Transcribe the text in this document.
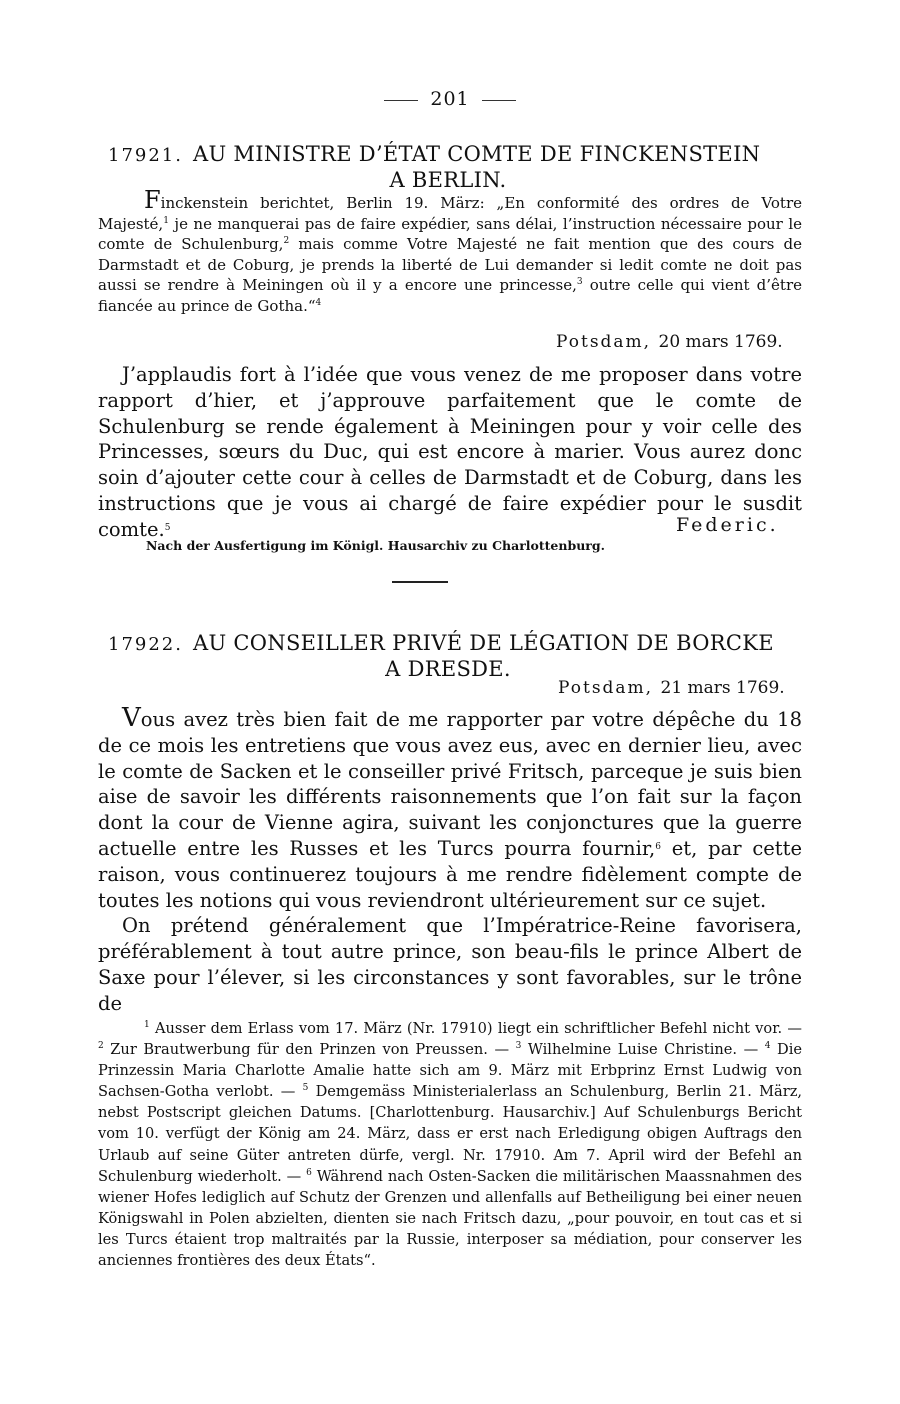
201
17921. AU MINISTRE D’ÉTAT COMTE DE FINCKENSTEIN
A BERLIN.
Finckenstein berichtet, Berlin 19. März: „En conformité des ordres de Votre Majesté,$^1$ je ne manquerai pas de faire expédier, sans délai, l’instruction nécessaire pour le comte de Schulenburg,$^2$ mais comme Votre Majesté ne fait mention que des cours de Darmstadt et de Coburg, je prends la liberté de Lui demander si ledit comte ne doit pas aussi se rendre à Meiningen où il y a encore une princesse,$^3$ outre celle qui vient d’être fiancée au prince de Gotha.“$^4$
Potsdam, 20 mars 1769.

J’applaudis fort à l’idée que vous venez de me proposer dans votre rapport d’hier, et j’approuve parfaitement que le comte de Schulenburg se rende également à Meiningen pour y voir celle des Princesses, sœurs du Duc, qui est encore à marier. Vous aurez donc soin d’ajouter cette cour à celles de Darmstadt et de Coburg, dans les instructions que je vous ai chargé de faire expédier pour le susdit comte.$^5$	Federic.
Nach der Ausfertigung im Königl. Hausarchiv zu Charlottenburg.
17922. AU CONSEILLER PRIVÉ DE LÉGATION DE BORCKE
A DRESDE.
Potsdam, 21 mars 1769.

Vous avez très bien fait de me rapporter par votre dépêche du 18 de ce mois les entretiens que vous avez eus, avec en dernier lieu, avec le comte de Sacken et le conseiller privé Fritsch, parceque je suis bien aise de savoir les différents raisonnements que l’on fait sur la façon dont la cour de Vienne agira, suivant les conjonctures que la guerre actuelle entre les Russes et les Turcs pourra fournir,$^6$ et, par cette raison, vous continuerez toujours à me rendre fidèlement compte de toutes les notions qui vous reviendront ultérieurement sur ce sujet.

On prétend généralement que l’Impératrice-Reine favorisera, préférablement à tout autre prince, son beau-fils le prince Albert de Saxe pour l’élever, si les circonstances y sont favorables, sur le trône de

$^1$ Ausser dem Erlass vom 17. März (Nr. 17910) liegt ein schriftlicher Befehl nicht vor. — $^2$ Zur Brautwerbung für den Prinzen von Preussen. — $^3$ Wilhelmine Luise Christine. — $^4$ Die Prinzessin Maria Charlotte Amalie hatte sich am 9. März mit Erbprinz Ernst Ludwig von Sachsen-Gotha verlobt. — $^5$ Demgemäss Ministerialerlass an Schulenburg, Berlin 21. März, nebst Postscript gleichen Datums. [Charlottenburg. Hausarchiv.] Auf Schulenburgs Bericht vom 10. verfügt der König am 24. März, dass er erst nach Erledigung obigen Auftrags den Urlaub auf seine Güter antreten dürfe, vergl. Nr. 17910. Am 7. April wird der Befehl an Schulenburg wiederholt. — $^6$ Während nach Osten-Sacken die militärischen Maassnahmen des wiener Hofes lediglich auf Schutz der Grenzen und allenfalls auf Betheiligung bei einer neuen Königswahl in Polen abzielten, dienten sie nach Fritsch dazu, „pour pouvoir, en tout cas et si les Turcs étaient trop maltraités par la Russie, interposer sa médiation, pour conserver les anciennes frontières des deux États“.
